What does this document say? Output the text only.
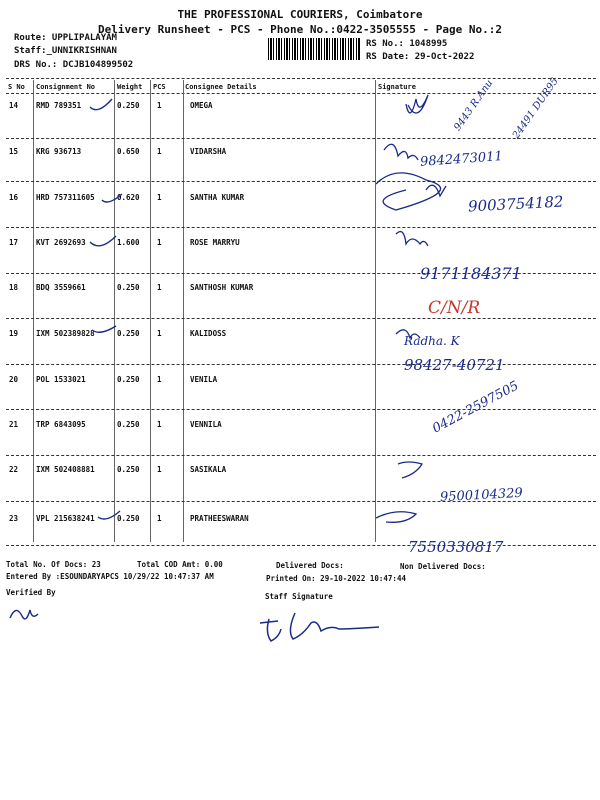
THE PROFESSIONAL COURIERS, Coimbatore
Delivery Runsheet - PCS - Phone No.:0422-3505555 - Page No.:2
Route: UPPLIPALAYAM
Staff:_UNNIKRISHNAN
DRS No.: DCJB104899502
RS No.: 1048995
RS Date: 29-Oct-2022
S No Consignment No	Weight PCS	Consignee Details	Signature
14 RMD 789351	0.250 1	OMEGA
15 KRG 936713	0.650 1	VIDARSHA
16 HRD 757311605	0.620 1	SANTHA KUMAR
17 KVT 2692693	1.600 1	ROSE MARRYU
18 BDQ 3559661	0.250 1	SANTHOSH KUMAR
19 IXM 502389828	0.250 1	KALIDOSS
20 POL 1533021	0.250 1	VENILA
21 TRP 6843095	0.250 1	VENNILA
22 IXM 502408881	0.250 1	SASIKALA
23 VPL 215638241	0.250 1	PRATHEESWARAN
9443 R.Anu 24491 DUR95
9842473011
9003754182
9171184371
C/N/R
Radha. K
98427-40721
0422-2597505
9500104329
7550330817
Total No. Of Docs: 23	Total COD Amt: 0.00	Delivered Docs:	Non Delivered Docs:
Entered By :ESOUNDARYAPCS 10/29/22 10:47:37 AM	Printed On: 29-10-2022 10:47:44
Verified By	Staff Signature
